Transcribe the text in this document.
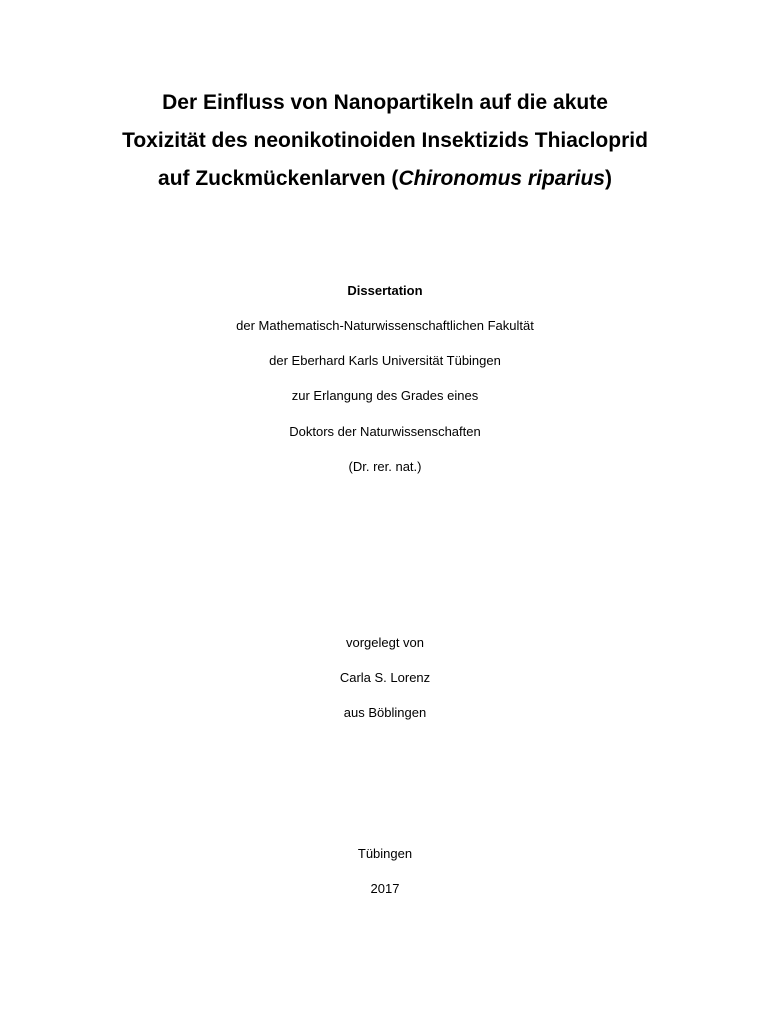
Der Einfluss von Nanopartikeln auf die akute
Toxizität des neonikotinoiden Insektizids Thiacloprid
auf Zuckmückenlarven (Chironomus riparius)
Dissertation
der Mathematisch-Naturwissenschaftlichen Fakultät
der Eberhard Karls Universität Tübingen
zur Erlangung des Grades eines
Doktors der Naturwissenschaften
(Dr. rer. nat.)
vorgelegt von
Carla S. Lorenz
aus Böblingen
Tübingen
2017
